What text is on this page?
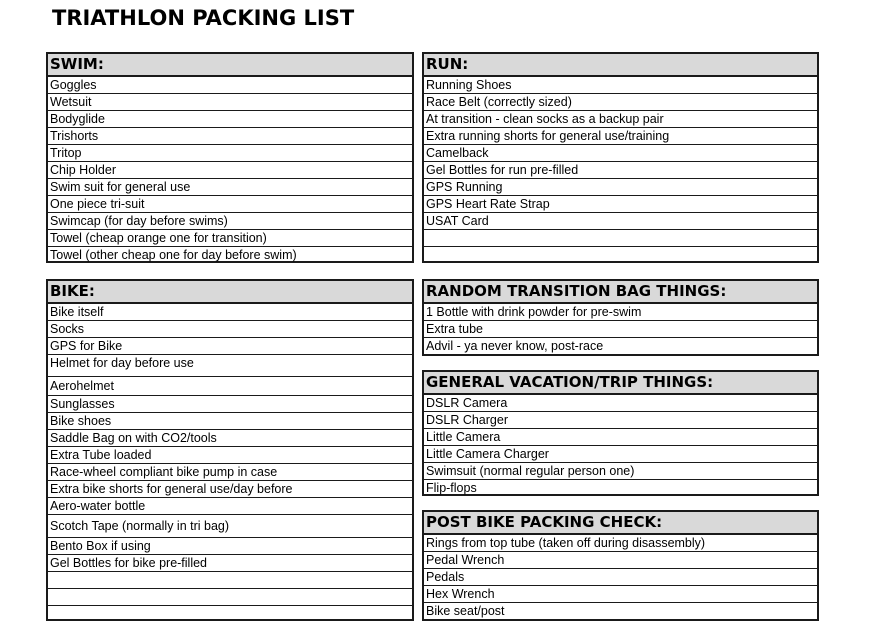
TRIATHLON PACKING LIST
SWIM:
Goggles
Wetsuit
Bodyglide
Trishorts
Tritop
Chip Holder
Swim suit for general use
One piece tri-suit
Swimcap (for day before swims)
Towel (cheap orange one for transition)
Towel (other cheap one for day before swim)
RUN:
Running Shoes
Race Belt (correctly sized)
At transition - clean socks as a backup pair
Extra running shorts for general use/training
Camelback
Gel Bottles for run pre-filled
GPS Running
GPS Heart Rate Strap
USAT Card
BIKE:
Bike itself
Socks
GPS for Bike
Helmet for day before use
Aerohelmet
Sunglasses
Bike shoes
Saddle Bag on with CO2/tools
Extra Tube loaded
Race-wheel compliant bike pump in case
Extra bike shorts for general use/day before
Aero-water bottle
Scotch Tape (normally in tri bag)
Bento Box if using
Gel Bottles for bike pre-filled
RANDOM TRANSITION BAG THINGS:
1 Bottle with drink powder for pre-swim
Extra tube
Advil - ya never know, post-race
GENERAL VACATION/TRIP THINGS:
DSLR Camera
DSLR Charger
Little Camera
Little Camera Charger
Swimsuit (normal regular person one)
Flip-flops
POST BIKE PACKING CHECK:
Rings from top tube (taken off during disassembly)
Pedal Wrench
Pedals
Hex Wrench
Bike seat/post
